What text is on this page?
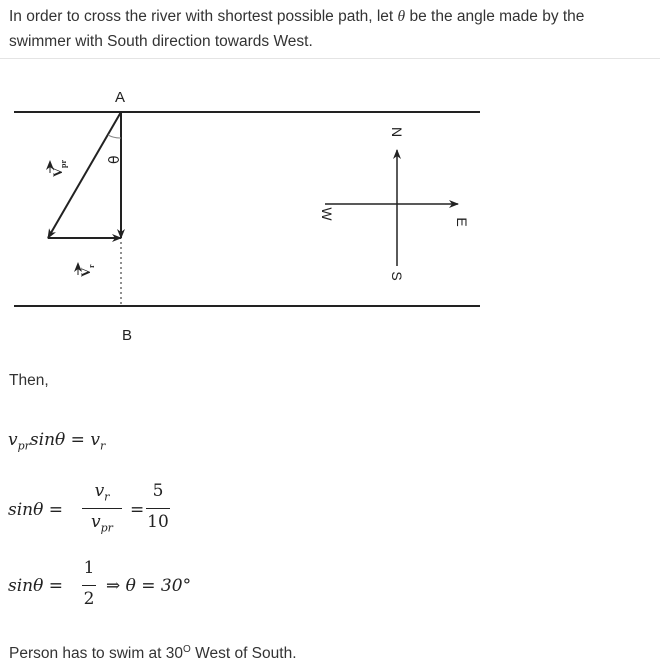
In order to cross the river with shortest possible path, let θ be the angle made by the
swimmer with South direction towards West.
A
B
θ
V
pr
V
r
N
S
W
E
Then,
$v_{pr}\sin\theta = v_r$
sinθ =
$v_r$
$v_{pr}$
=
5
10
sinθ =
1
2
⇒ θ = 30°
Person has to swim at $30^O$ West of South.
